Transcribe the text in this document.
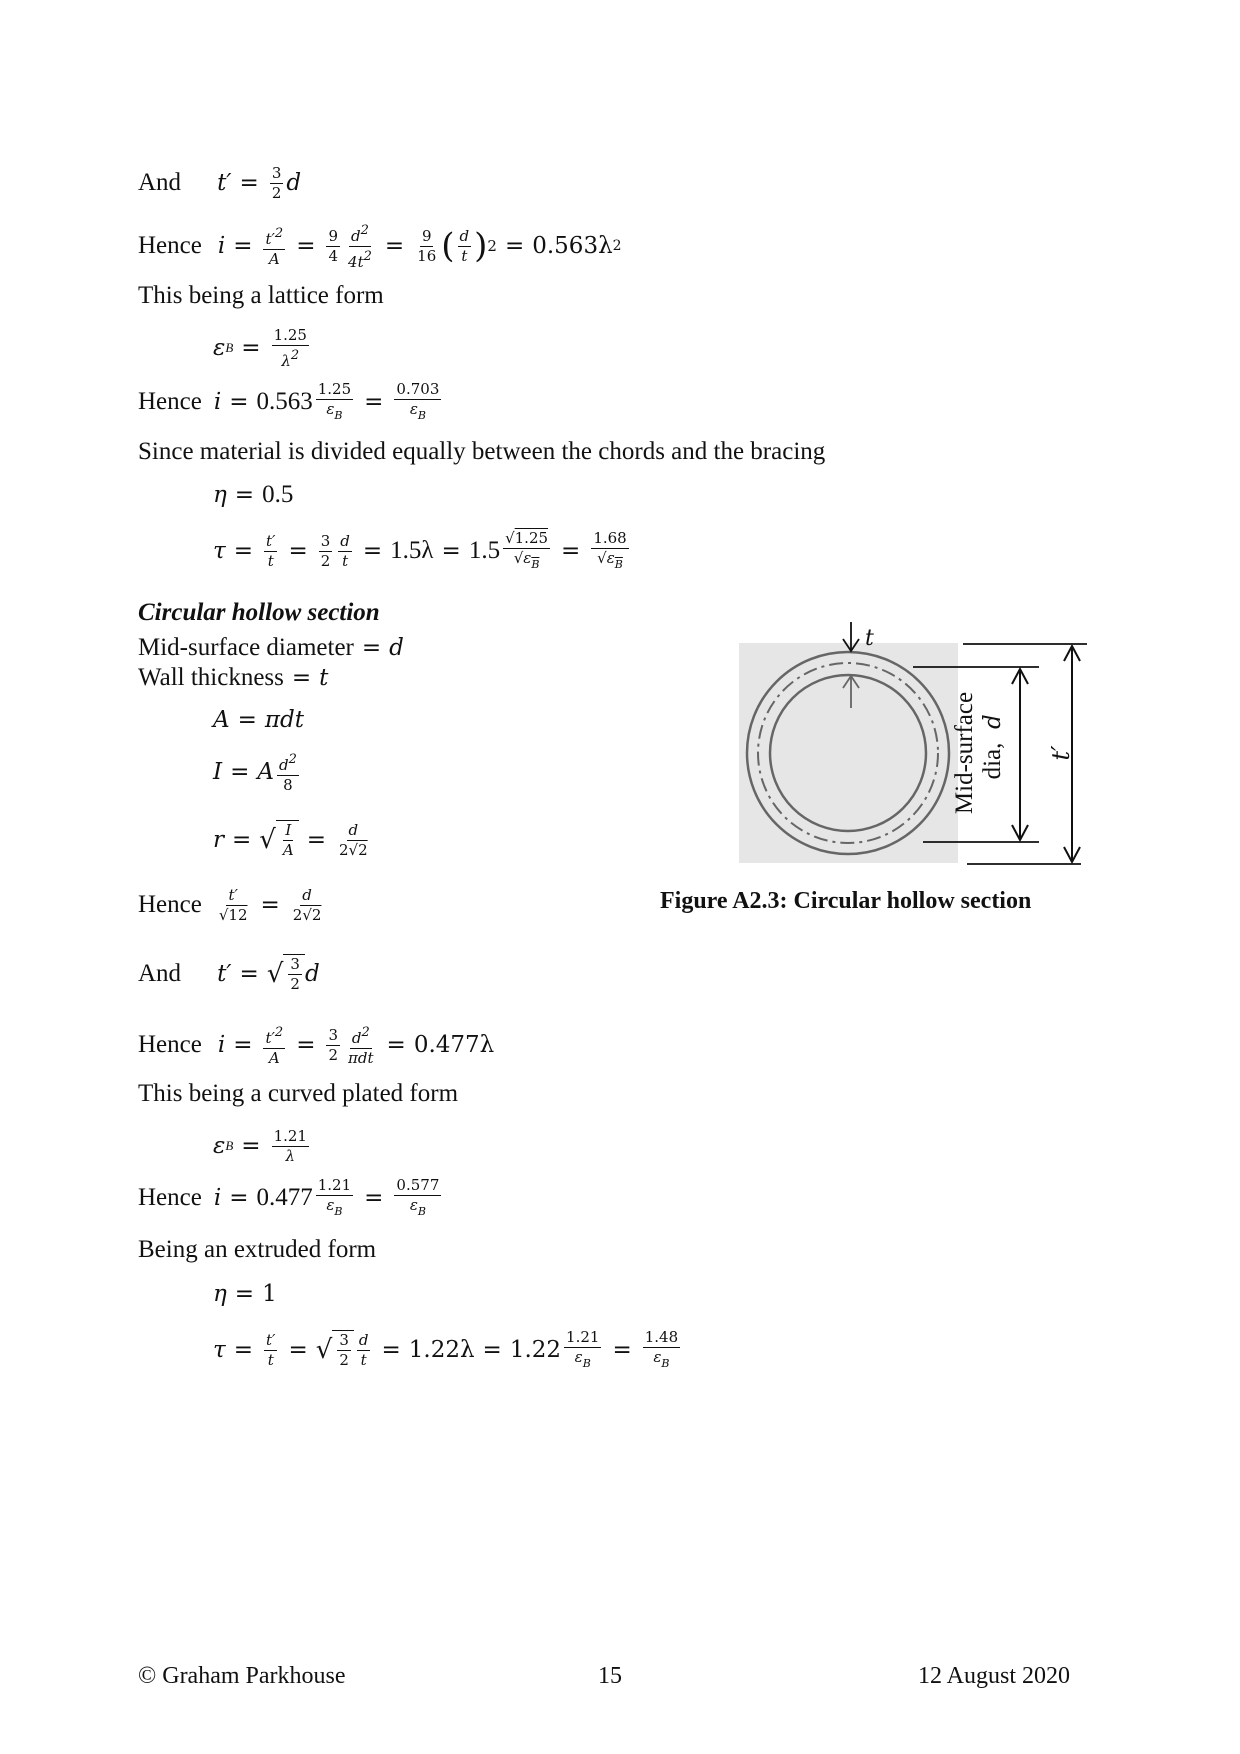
And $t' = \frac{3}{2}$ d
Hence $i = \frac{t'2}{A} = \frac{9}{4} \frac{d2}{4t2} = \frac{9}{16}$ ( $\frac{d}{t}$ ) 2 = 0.563λ 2
This being a lattice form
ε $B = \frac{1.25}{\lambda 2}$
Hence $i = 0.563 \frac{1.25}{\varepsilon_B} = \frac{0.703}{\varepsilon_B}$
Since material is divided equally between the chords and the bracing
η = 0.5
$\tau = \frac{t'}{t} = \frac{3}{2} \frac{d}{t} = 1.5\lambda = 1.5 \frac{√1.25}{√\varepsilon_B} = \frac{1.68}{√\varepsilon_B}$
Circular hollow section
Mid-surface diameter = d
Wall thickness = t
A = πdt
I = A $\frac{d2}{8}$
r = √ $\frac{I}{A} = \frac{d}{2√2}$
Hence $\frac{t'}{√12} = \frac{d}{2√2}$
And t′ = √ $\frac{3}{2}$ d
Hence $i = \frac{t'2}{A} = \frac{3}{2} \frac{d2}{\text{πdt}} = 0.477\lambda$
This being a curved plated form
ε $B = \frac{1.21}{\lambda}$
Hence $i = 0.477 \frac{1.21}{\varepsilon_B} = \frac{0.577}{\varepsilon_B}$
Being an extruded form
η = 1
$\tau = \frac{t'}{t}$ = √ $\frac{3}{2} \frac{d}{t} = 1.22\lambda = 1.22 \frac{1.21}{\varepsilon_B} = \frac{1.48}{\varepsilon_B}$
t
Mid-surface dia,
d
t′
Figure A2.3: Circular hollow section
© Graham Parkhouse	15	12 August 2020
